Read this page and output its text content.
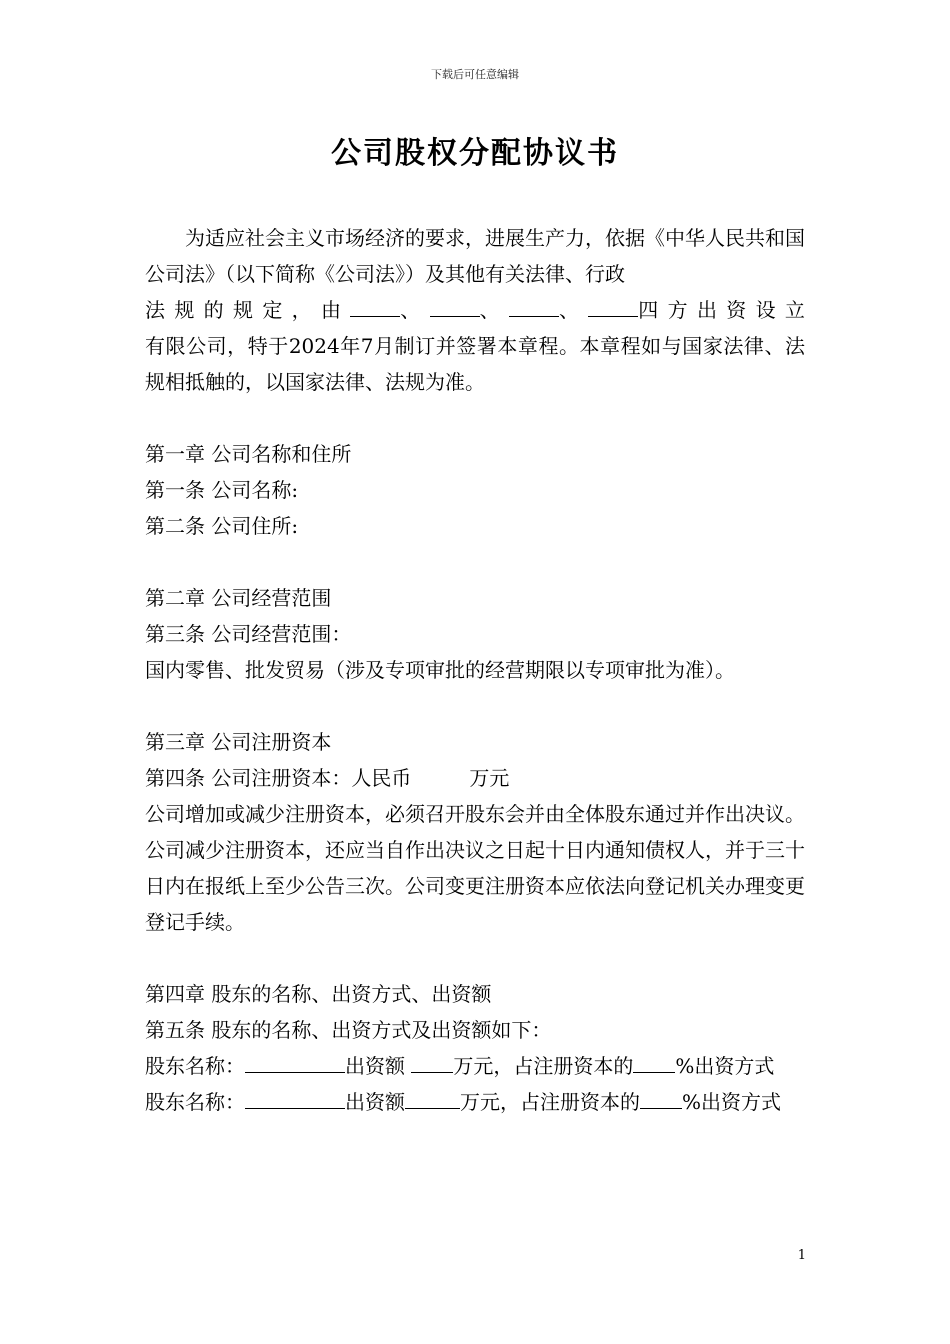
下载后可任意编辑
公司股权分配协议书

为适应社会主义市场经济的要求，进展生产力，依据《中华人民共和国公司法》（以下简称《公司法》）及其他有关法律、行政

法 规 的 规 定 ， 由	、	、	、	四 方 出 资 设 立

有限公司，特于2024年7月制订并签署本章程。本章程如与国家法律、法规相抵触的，以国家法律、法规为准。

第一章 公司名称和住所

第一条 公司名称:

第二条 公司住所:

第二章 公司经营范围

第三条 公司经营范围：

国内零售、批发贸易（涉及专项审批的经营期限以专项审批为准）。

第三章 公司注册资本

第四条 公司注册资本：人民币	万元

公司增加或减少注册资本，必须召开股东会并由全体股东通过并作出决议。公司减少注册资本，还应当自作出决议之日起十日内通知债权人，并于三十日内在报纸上至少公告三次。公司变更注册资本应依法向登记机关办理变更登记手续。

第四章 股东的名称、出资方式、出资额

第五条 股东的名称、出资方式及出资额如下：

股东名称：	出资额 万元，占注册资本的 %出资方式

股东名称：	出资额	万元，占注册资本的 %出资方式

1
